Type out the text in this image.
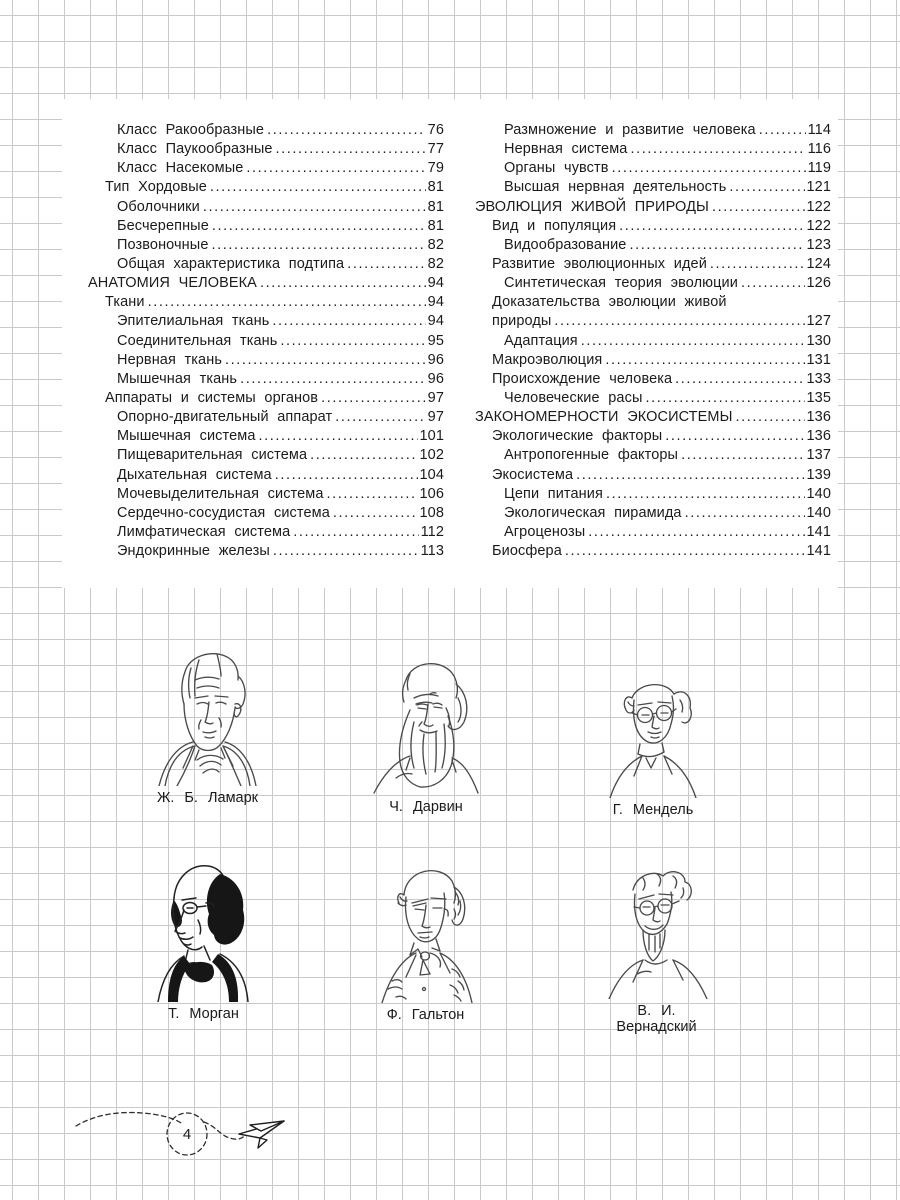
Класс Ракообразные .....	76
Класс Паукообразные .....	77
Класс Насекомые .....	79
Тип Хордовые .....	81
Оболочники .....	81
Бесчерепные .....	81
Позвоночные .....	82
Общая характеристика подтипа .....	82
АНАТОМИЯ ЧЕЛОВЕКА .....	94
Ткани .....	94
Эпителиальная ткань .....	94
Соединительная ткань .....	95
Нервная ткань .....	96
Мышечная ткань .....	96
Аппараты и системы органов .....	97
Опорно-двигательный аппарат .....	97
Мышечная система .....	101
Пищеварительная система .....	102
Дыхательная система .....	104
Мочевыделительная система .....	106
Сердечно-сосудистая система .....	108
Лимфатическая система .....	112
Эндокринные железы .....	113
Размножение и развитие человека .....	114
Нервная система .....	116
Органы чувств .....	119
Высшая нервная деятельность .....	121
ЭВОЛЮЦИЯ ЖИВОЙ ПРИРОДЫ .....	122
Вид и популяция .....	122
Видообразование .....	123
Развитие эволюционных идей .....	124
Синтетическая теория эволюции .....	126
Доказательства эволюции живой
природы .....	127
Адаптация .....	130
Макроэволюция .....	131
Происхождение человека .....	133
Человеческие расы .....	135
ЗАКОНОМЕРНОСТИ ЭКОСИСТЕМЫ .....	136
Экологические факторы .....	136
Антропогенные факторы .....	137
Экосистема .....	139
Цепи питания .....	140
Экологическая пирамида .....	140
Агроценозы .....	141
Биосфера .....	141
Ж. Б. Ламарк
Ч. Дарвин	Г. Мендель
Т. Морган	Ф. Гальтон	В. И. Вернадский
4
